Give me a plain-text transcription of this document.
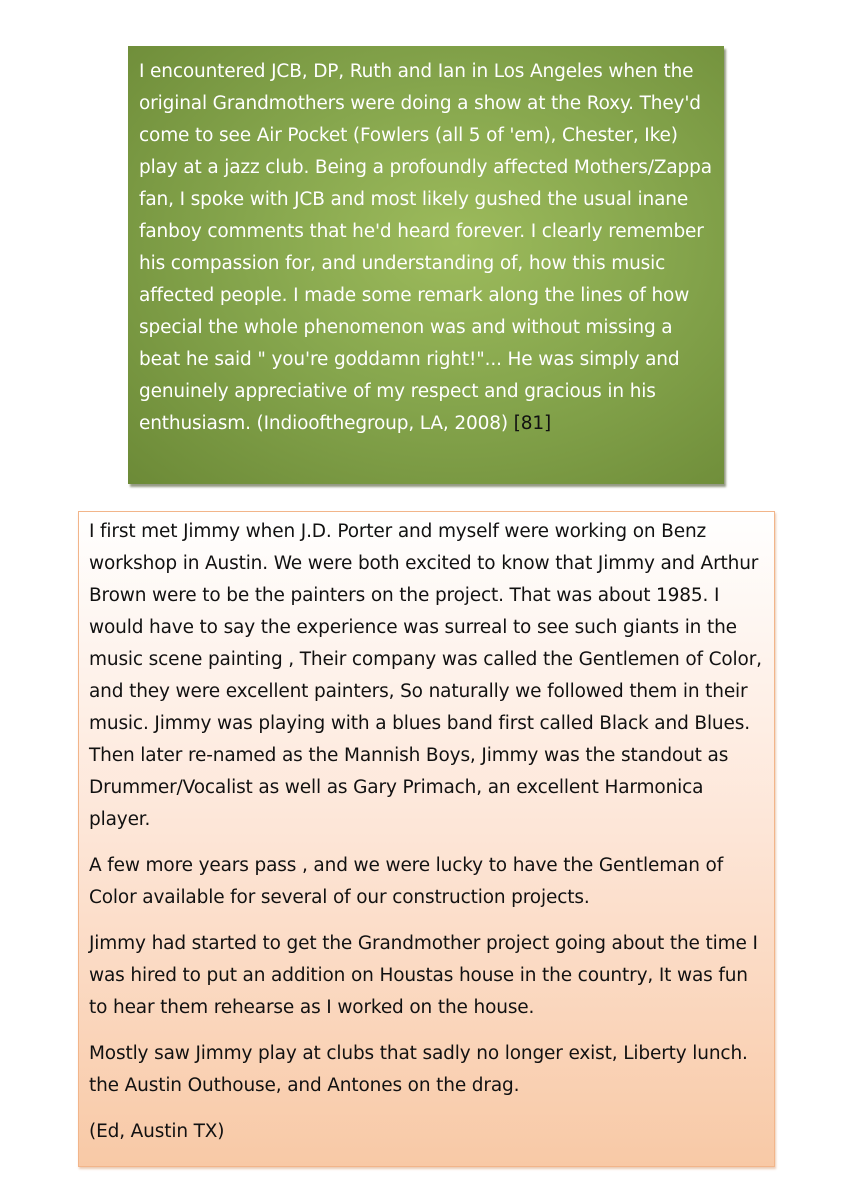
I encountered JCB, DP, Ruth and Ian in Los Angeles when the original Grandmothers were doing a show at the Roxy. They'd come to see Air Pocket (Fowlers (all 5 of 'em), Chester, Ike) play at a jazz club. Being a profoundly affected Mothers/Zappa fan, I spoke with JCB and most likely gushed the usual inane fanboy comments that he'd heard forever. I clearly remember his compassion for, and understanding of, how this music affected people. I made some remark along the lines of how special the whole phenomenon was and without missing a beat he said " you're goddamn right!"... He was simply and genuinely appreciative of my respect and gracious in his enthusiasm. (Indioofthegroup, LA, 2008) [81]

I first met Jimmy when J.D. Porter and myself were working on Benz workshop in Austin. We were both excited to know that Jimmy and Arthur Brown were to be the painters on the project. That was about 1985. I would have to say the experience was surreal to see such giants in the music scene painting , Their company was called the Gentlemen of Color, and they were excellent painters, So naturally we followed them in their music. Jimmy was playing with a blues band first called Black and Blues. Then later re-named as the Mannish Boys, Jimmy was the standout as Drummer/Vocalist as well as Gary Primach, an excellent Harmonica player.

A few more years pass , and we were lucky to have the Gentleman of Color available for several of our construction projects.

Jimmy had started to get the Grandmother project going about the time I was hired to put an addition on Houstas house in the country, It was fun to hear them rehearse as I worked on the house.

Mostly saw Jimmy play at clubs that sadly no longer exist, Liberty lunch. the Austin Outhouse, and Antones on the drag.

(Ed, Austin TX)
